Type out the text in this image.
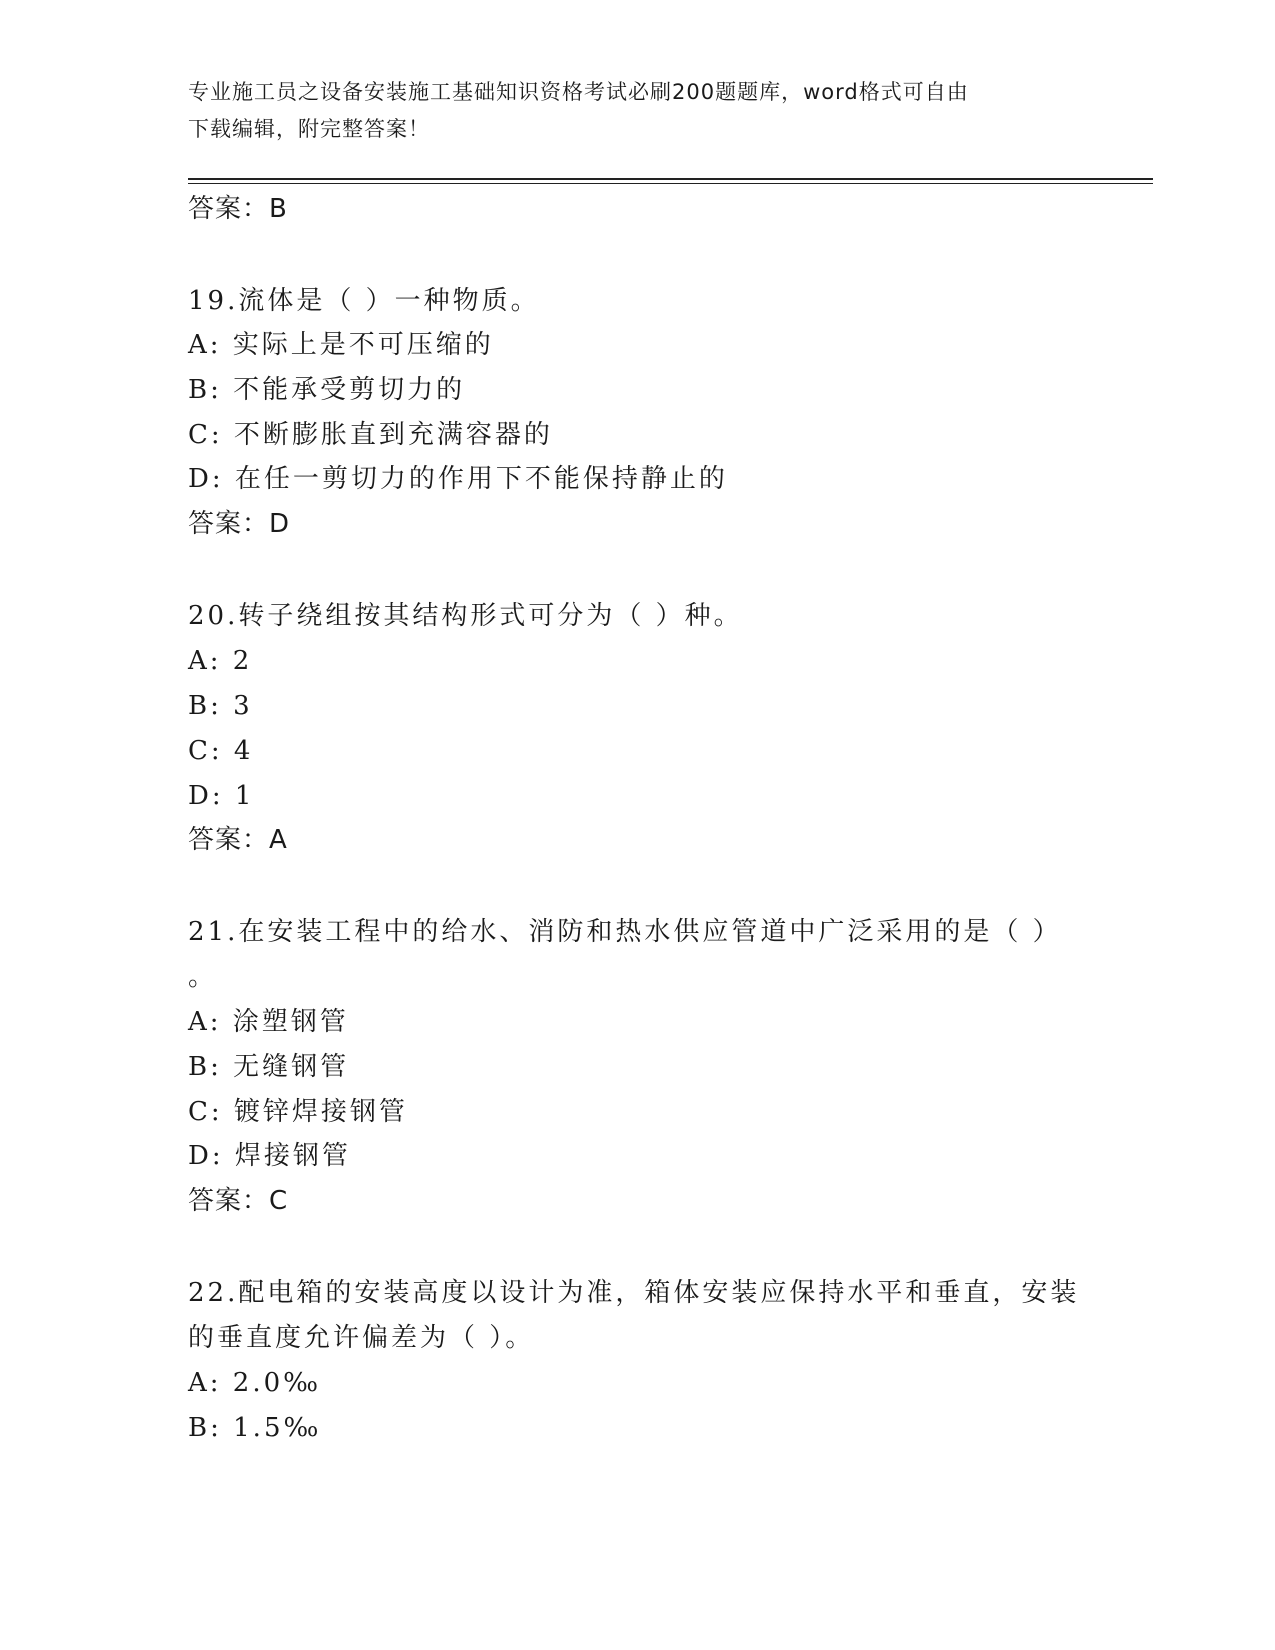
专业施工员之设备安装施工基础知识资格考试必刷200题题库，word格式可自由
下载编辑，附完整答案！
答案：B
19.流体是（ ）一种物质。
A: 实际上是不可压缩的
B: 不能承受剪切力的
C: 不断膨胀直到充满容器的
D: 在任一剪切力的作用下不能保持静止的
答案：D
20.转子绕组按其结构形式可分为（ ）种。
A: 2
B: 3
C: 4
D: 1
答案：A
21.在安装工程中的给水、消防和热水供应管道中广泛采用的是（ ）
。
A: 涂塑钢管
B: 无缝钢管
C: 镀锌焊接钢管
D: 焊接钢管
答案：C
22.配电箱的安装高度以设计为准，箱体安装应保持水平和垂直，安装
的垂直度允许偏差为（ ）。
A: 2.0‰
B: 1.5‰
